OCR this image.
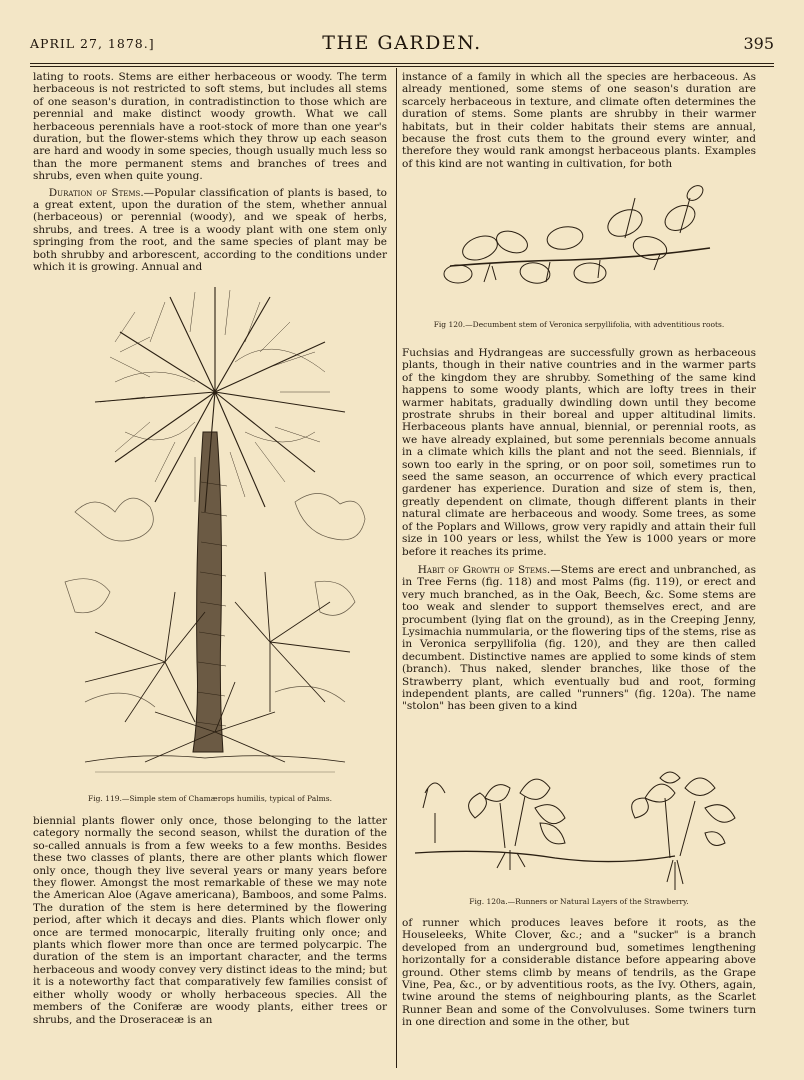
APRIL 27, 1878.]	THE GARDEN.	395

lating to roots. Stems are either herbaceous or woody. The term herbaceous is not restricted to soft stems, but includes all stems of one season's duration, in contradistinction to those which are perennial and make distinct woody growth. What we call herbaceous perennials have a root-stock of more than one year's duration, but the flower-stems which they throw up each season are hard and woody in some species, though usually much less so than the more permanent stems and branches of trees and shrubs, even when quite young.

Duration of Stems.—Popular classification of plants is based, to a great extent, upon the duration of the stem, whether annual (herbaceous) or perennial (woody), and we speak of herbs, shrubs, and trees. A tree is a woody plant with one stem only springing from the root, and the same species of plant may be both shrubby and arborescent, according to the conditions under which it is growing. Annual and

Fig. 119.—Simple stem of Chamærops humilis, typical of Palms.

biennial plants flower only once, those belonging to the latter category normally the second season, whilst the duration of the so-called annuals is from a few weeks to a few months. Besides these two classes of plants, there are other plants which flower only once, though they live several years or many years before they flower. Amongst the most remarkable of these we may note the American Aloe (Agave americana), Bamboos, and some Palms. The duration of the stem is here determined by the flowering period, after which it decays and dies. Plants which flower only once are termed monocarpic, literally fruiting only once; and plants which flower more than once are termed polycarpic. The duration of the stem is an important character, and the terms herbaceous and woody convey very distinct ideas to the mind; but it is a noteworthy fact that comparatively few families consist of either wholly woody or wholly herbaceous species. All the members of the Coniferæ are woody plants, either trees or shrubs, and the Droseraceæ is an

instance of a family in which all the species are herbaceous. As already mentioned, some stems of one season's duration are scarcely herbaceous in texture, and climate often determines the duration of stems. Some plants are shrubby in their warmer habitats, but in their colder habitats their stems are annual, because the frost cuts them to the ground every winter, and therefore they would rank amongst herbaceous plants. Examples of this kind are not wanting in cultivation, for both

Fig 120.—Decumbent stem of Veronica serpyllifolia, with adventitious roots.

Fuchsias and Hydrangeas are successfully grown as herbaceous plants, though in their native countries and in the warmer parts of the kingdom they are shrubby. Something of the same kind happens to some woody plants, which are lofty trees in their warmer habitats, gradually dwindling down until they become prostrate shrubs in their boreal and upper altitudinal limits. Herbaceous plants have annual, biennial, or perennial roots, as we have already explained, but some perennials become annuals in a climate which kills the plant and not the seed. Biennials, if sown too early in the spring, or on poor soil, sometimes run to seed the same season, an occurrence of which every practical gardener has experience. Duration and size of stem is, then, greatly dependent on climate, though different plants in their natural climate are herbaceous and woody. Some trees, as some of the Poplars and Willows, grow very rapidly and attain their full size in 100 years or less, whilst the Yew is 1000 years or more before it reaches its prime.

Habit of Growth of Stems.—Stems are erect and unbranched, as in Tree Ferns (fig. 118) and most Palms (fig. 119), or erect and very much branched, as in the Oak, Beech, &c. Some stems are too weak and slender to support themselves erect, and are procumbent (lying flat on the ground), as in the Creeping Jenny, Lysimachia nummularia, or the flowering tips of the stems, rise as in Veronica serpyllifolia (fig. 120), and they are then called decumbent. Distinctive names are applied to some kinds of stem (branch). Thus naked, slender branches, like those of the Strawberry plant, which eventually bud and root, forming independent plants, are called "runners" (fig. 120a). The name "stolon" has been given to a kind

Fig. 120a.—Runners or Natural Layers of the Strawberry.

of runner which produces leaves before it roots, as the Houseleeks, White Clover, &c.; and a "sucker" is a branch developed from an underground bud, sometimes lengthening horizontally for a considerable distance before appearing above ground. Other stems climb by means of tendrils, as the Grape Vine, Pea, &c., or by adventitious roots, as the Ivy. Others, again, twine around the stems of neighbouring plants, as the Scarlet Runner Bean and some of the Convolvuluses. Some twiners turn in one direction and some in the other, but
